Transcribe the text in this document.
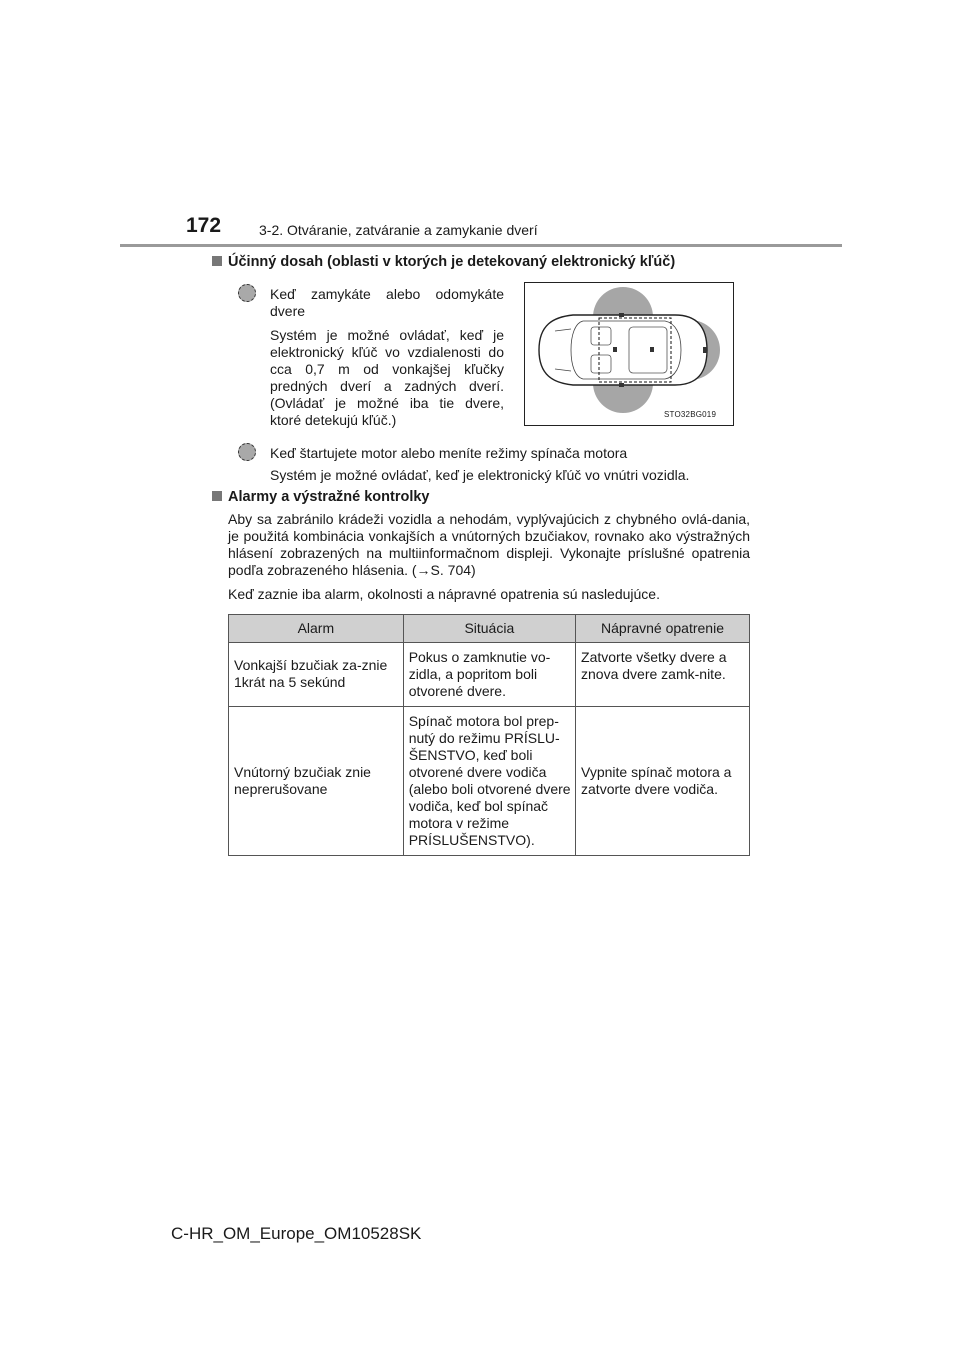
172	3-2. Otváranie, zatváranie a zamykanie dverí
Účinný dosah (oblasti v ktorých je detekovaný elektronický kľúč)
Keď zamykáte alebo odomykáte dvere
Systém je možné ovládať, keď je elektronický kľúč vo vzdialenosti do cca 0,7 m od vonkajšej kľučky predných dverí a zadných dverí. (Ovládať je možné iba tie dvere, ktoré detekujú kľúč.)	STO32BG019
Keď štartujete motor alebo meníte režimy spínača motora
Systém je možné ovládať, keď je elektronický kľúč vo vnútri vozidla.
Alarmy a výstražné kontrolky
Aby sa zabránilo krádeži vozidla a nehodám, vyplývajúcich z chybného ovlá-dania, je použitá kombinácia vonkajších a vnútorných bzučiakov, rovnako ako výstražných hlásení zobrazených na multiinformačnom displeji. Vykonajte príslušné opatrenia podľa zobrazeného hlásenia. (→S. 704)
Keď zaznie iba alarm, okolnosti a nápravné opatrenia sú nasledujúce.
Alarm	Situácia	Nápravné opatrenie
Vonkajší bzučiak za-znie 1krát na 5 sekúnd	Pokus o zamknutie vo-zidla, a popritom boli otvorené dvere.	Zatvorte všetky dvere a znova dvere zamk-nite.
Vnútorný bzučiak znie neprerušovane	Spínač motora bol prep-nutý do režimu PRÍSLU-ŠENSTVO, keď boli otvorené dvere vodiča (alebo boli otvorené dvere vodiča, keď bol spínač motora v režime PRÍSLUŠENSTVO).	Vypnite spínač motora a zatvorte dvere vodiča.
C-HR_OM_Europe_OM10528SK
